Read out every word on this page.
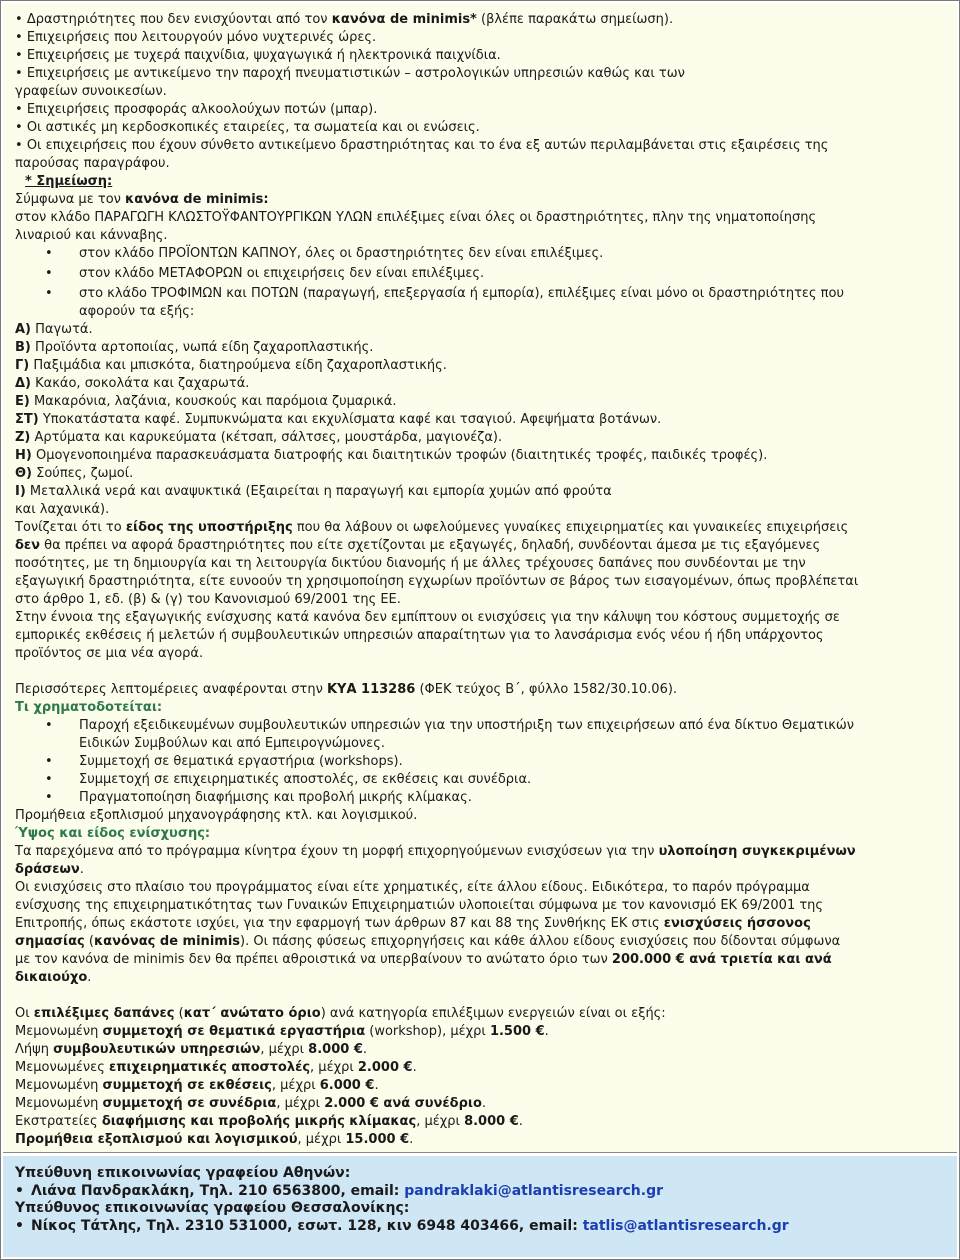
• Δραστηριότητες που δεν ενισχύονται από τον κανόνα de minimis* (βλέπε παρακάτω σημείωση).

• Επιχειρήσεις που λειτουργούν μόνο νυχτερινές ώρες.

• Επιχειρήσεις με τυχερά παιχνίδια, ψυχαγωγικά ή ηλεκτρονικά παιχνίδια.

• Επιχειρήσεις με αντικείμενο την παροχή πνευματιστικών – αστρολογικών υπηρεσιών καθώς και των

γραφείων συνοικεσίων.

• Επιχειρήσεις προσφοράς αλκοολούχων ποτών (μπαρ).

• Οι αστικές μη κερδοσκοπικές εταιρείες, τα σωματεία και οι ενώσεις.

• Οι επιχειρήσεις που έχουν σύνθετο αντικείμενο δραστηριότητας και το ένα εξ αυτών περιλαμβάνεται στις εξαιρέσεις της

παρούσας παραγράφου.

* Σημείωση:

Σύμφωνα με τον κανόνα de minimis:

στον κλάδο ΠΑΡΑΓΩΓΗ ΚΛΩΣΤΟΫΦΑΝΤΟΥΡΓΙΚΩΝ ΥΛΩΝ επιλέξιμες είναι όλες οι δραστηριότητες, πλην της νηματοποίησης

λιναριού και κάνναβης.

• στον κλάδο ΠΡΟΪΟΝΤΩΝ ΚΑΠΝΟΥ, όλες οι δραστηριότητες δεν είναι επιλέξιμες.

• στον κλάδο ΜΕΤΑΦΟΡΩΝ οι επιχειρήσεις δεν είναι επιλέξιμες.

• στο κλάδο ΤΡΟΦΙΜΩΝ και ΠΟΤΩΝ (παραγωγή, επεξεργασία ή εμπορία), επιλέξιμες είναι μόνο οι δραστηριότητες που

αφορούν τα εξής:

Α) Παγωτά.

Β) Προϊόντα αρτοποιίας, νωπά είδη ζαχαροπλαστικής.

Γ) Παξιμάδια και μπισκότα, διατηρούμενα είδη ζαχαροπλαστικής.

Δ) Κακάο, σοκολάτα και ζαχαρωτά.

Ε) Μακαρόνια, λαζάνια, κουσκούς και παρόμοια ζυμαρικά.

ΣΤ) Υποκατάστατα καφέ. Συμπυκνώματα και εκχυλίσματα καφέ και τσαγιού. Αφεψήματα βοτάνων.

Ζ) Αρτύματα και καρυκεύματα (κέτσαπ, σάλτσες, μουστάρδα, μαγιονέζα).

Η) Ομογενοποιημένα παρασκευάσματα διατροφής και διαιτητικών τροφών (διαιτητικές τροφές, παιδικές τροφές).

Θ) Σούπες, ζωμοί.

Ι) Μεταλλικά νερά και αναψυκτικά (Εξαιρείται η παραγωγή και εμπορία χυμών από φρούτα

και λαχανικά).

Τονίζεται ότι το είδος της υποστήριξης που θα λάβουν οι ωφελούμενες γυναίκες επιχειρηματίες και γυναικείες επιχειρήσεις

δεν θα πρέπει να αφορά δραστηριότητες που είτε σχετίζονται με εξαγωγές, δηλαδή, συνδέονται άμεσα με τις εξαγόμενες

ποσότητες, με τη δημιουργία και τη λειτουργία δικτύου διανομής ή με άλλες τρέχουσες δαπάνες που συνδέονται με την

εξαγωγική δραστηριότητα, είτε ευνοούν τη χρησιμοποίηση εγχωρίων προϊόντων σε βάρος των εισαγομένων, όπως προβλέπεται

στο άρθρο 1, εδ. (β) & (γ) του Κανονισμού 69/2001 της ΕΕ.

Στην έννοια της εξαγωγικής ενίσχυσης κατά κανόνα δεν εμπίπτουν οι ενισχύσεις για την κάλυψη του κόστους συμμετοχής σε

εμπορικές εκθέσεις ή μελετών ή συμβουλευτικών υπηρεσιών απαραίτητων για το λανσάρισμα ενός νέου ή ήδη υπάρχοντος

προϊόντος σε μια νέα αγορά.

Περισσότερες λεπτομέρειες αναφέρονται στην ΚΥΑ 113286 (ΦΕΚ τεύχος Β΄, φύλλο 1582/30.10.06).

Τι χρηματοδοτείται:

• Παροχή εξειδικευμένων συμβουλευτικών υπηρεσιών για την υποστήριξη των επιχειρήσεων από ένα δίκτυο Θεματικών

Ειδικών Συμβούλων και από Εμπειρογνώμονες.

• Συμμετοχή σε θεματικά εργαστήρια (workshops).

• Συμμετοχή σε επιχειρηματικές αποστολές, σε εκθέσεις και συνέδρια.

• Πραγματοποίηση διαφήμισης και προβολή μικρής κλίμακας.

Προμήθεια εξοπλισμού μηχανογράφησης κτλ. και λογισμικού.

Ύψος και είδος ενίσχυσης:

Τα παρεχόμενα από το πρόγραμμα κίνητρα έχουν τη μορφή επιχορηγούμενων ενισχύσεων για την υλοποίηση συγκεκριμένων

δράσεων.

Οι ενισχύσεις στο πλαίσιο του προγράμματος είναι είτε χρηματικές, είτε άλλου είδους. Ειδικότερα, το παρόν πρόγραμμα

ενίσχυσης της επιχειρηματικότητας των Γυναικών Επιχειρηματιών υλοποιείται σύμφωνα με τον κανονισμό ΕΚ 69/2001 της

Επιτροπής, όπως εκάστοτε ισχύει, για την εφαρμογή των άρθρων 87 και 88 της Συνθήκης ΕΚ στις ενισχύσεις ήσσονος

σημασίας (κανόνας de minimis). Οι πάσης φύσεως επιχορηγήσεις και κάθε άλλου είδους ενισχύσεις που δίδονται σύμφωνα

με τον κανόνα de minimis δεν θα πρέπει αθροιστικά να υπερβαίνουν το ανώτατο όριο των 200.000 € ανά τριετία και ανά

δικαιούχο.

Οι επιλέξιμες δαπάνες (κατ΄ ανώτατο όριο) ανά κατηγορία επιλέξιμων ενεργειών είναι οι εξής:

Μεμονωμένη συμμετοχή σε θεματικά εργαστήρια (workshop), μέχρι 1.500 €.

Λήψη συμβουλευτικών υπηρεσιών, μέχρι 8.000 €.

Μεμονωμένες επιχειρηματικές αποστολές, μέχρι 2.000 €.

Μεμονωμένη συμμετοχή σε εκθέσεις, μέχρι 6.000 €.

Μεμονωμένη συμμετοχή σε συνέδρια, μέχρι 2.000 € ανά συνέδριο.

Εκστρατείες διαφήμισης και προβολής μικρής κλίμακας, μέχρι 8.000 €.

Προμήθεια εξοπλισμού και λογισμικού, μέχρι 15.000 €.

Υπεύθυνη επικοινωνίας γραφείου Αθηνών:

• Λιάνα Πανδρακλάκη, Τηλ. 210 6563800, email: pandraklaki@atlantisresearch.gr

Υπεύθυνος επικοινωνίας γραφείου Θεσσαλονίκης:

• Νίκος Τάτλης, Τηλ. 2310 531000, εσωτ. 128, κιν 6948 403466, email: tatlis@atlantisresearch.gr
